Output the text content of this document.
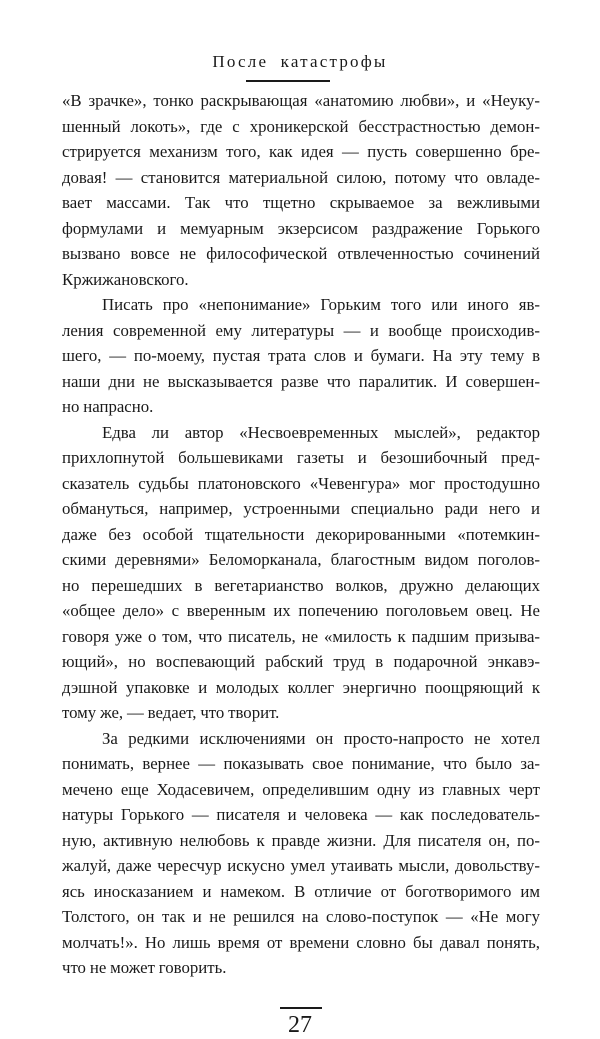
После катастрофы
«В зрачке», тонко раскрывающая «анатомию любви», и «Неуку-
шенный локоть», где с хроникерской бесстрастностью демон-
стрируется механизм того, как идея — пусть совершенно бре-
довая! — становится материальной силою, потому что овладе-
вает массами. Так что тщетно скрываемое за вежливыми
формулами и мемуарным экзерсисом раздражение Горького
вызвано вовсе не философической отвлеченностью сочинений
Кржижановского.
Писать про «непонимание» Горьким того или иного яв-
ления современной ему литературы — и вообще происходив-
шего, — по-моему, пустая трата слов и бумаги. На эту тему в
наши дни не высказывается разве что паралитик. И совершен-
но напрасно.
Едва ли автор «Несвоевременных мыслей», редактор
прихлопнутой большевиками газеты и безошибочный пред-
сказатель судьбы платоновского «Чевенгура» мог простодушно
обмануться, например, устроенными специально ради него и
даже без особой тщательности декорированными «потемкин-
скими деревнями» Беломорканала, благостным видом поголов-
но перешедших в вегетарианство волков, дружно делающих
«общее дело» с вверенным их попечению поголовьем овец. Не
говоря уже о том, что писатель, не «милость к падшим призыва-
ющий», но воспевающий рабский труд в подарочной энкавэ-
дэшной упаковке и молодых коллег энергично поощряющий к
тому же, — ведает, что творит.
За редкими исключениями он просто-напросто не хотел
понимать, вернее — показывать свое понимание, что было за-
мечено еще Ходасевичем, определившим одну из главных черт
натуры Горького — писателя и человека — как последователь-
ную, активную нелюбовь к правде жизни. Для писателя он, по-
жалуй, даже чересчур искусно умел утаивать мысли, довольству-
ясь иносказанием и намеком. В отличие от боготворимого им
Толстого, он так и не решился на слово-поступок — «Не могу
молчать!». Но лишь время от времени словно бы давал понять,
что не может говорить.
27
